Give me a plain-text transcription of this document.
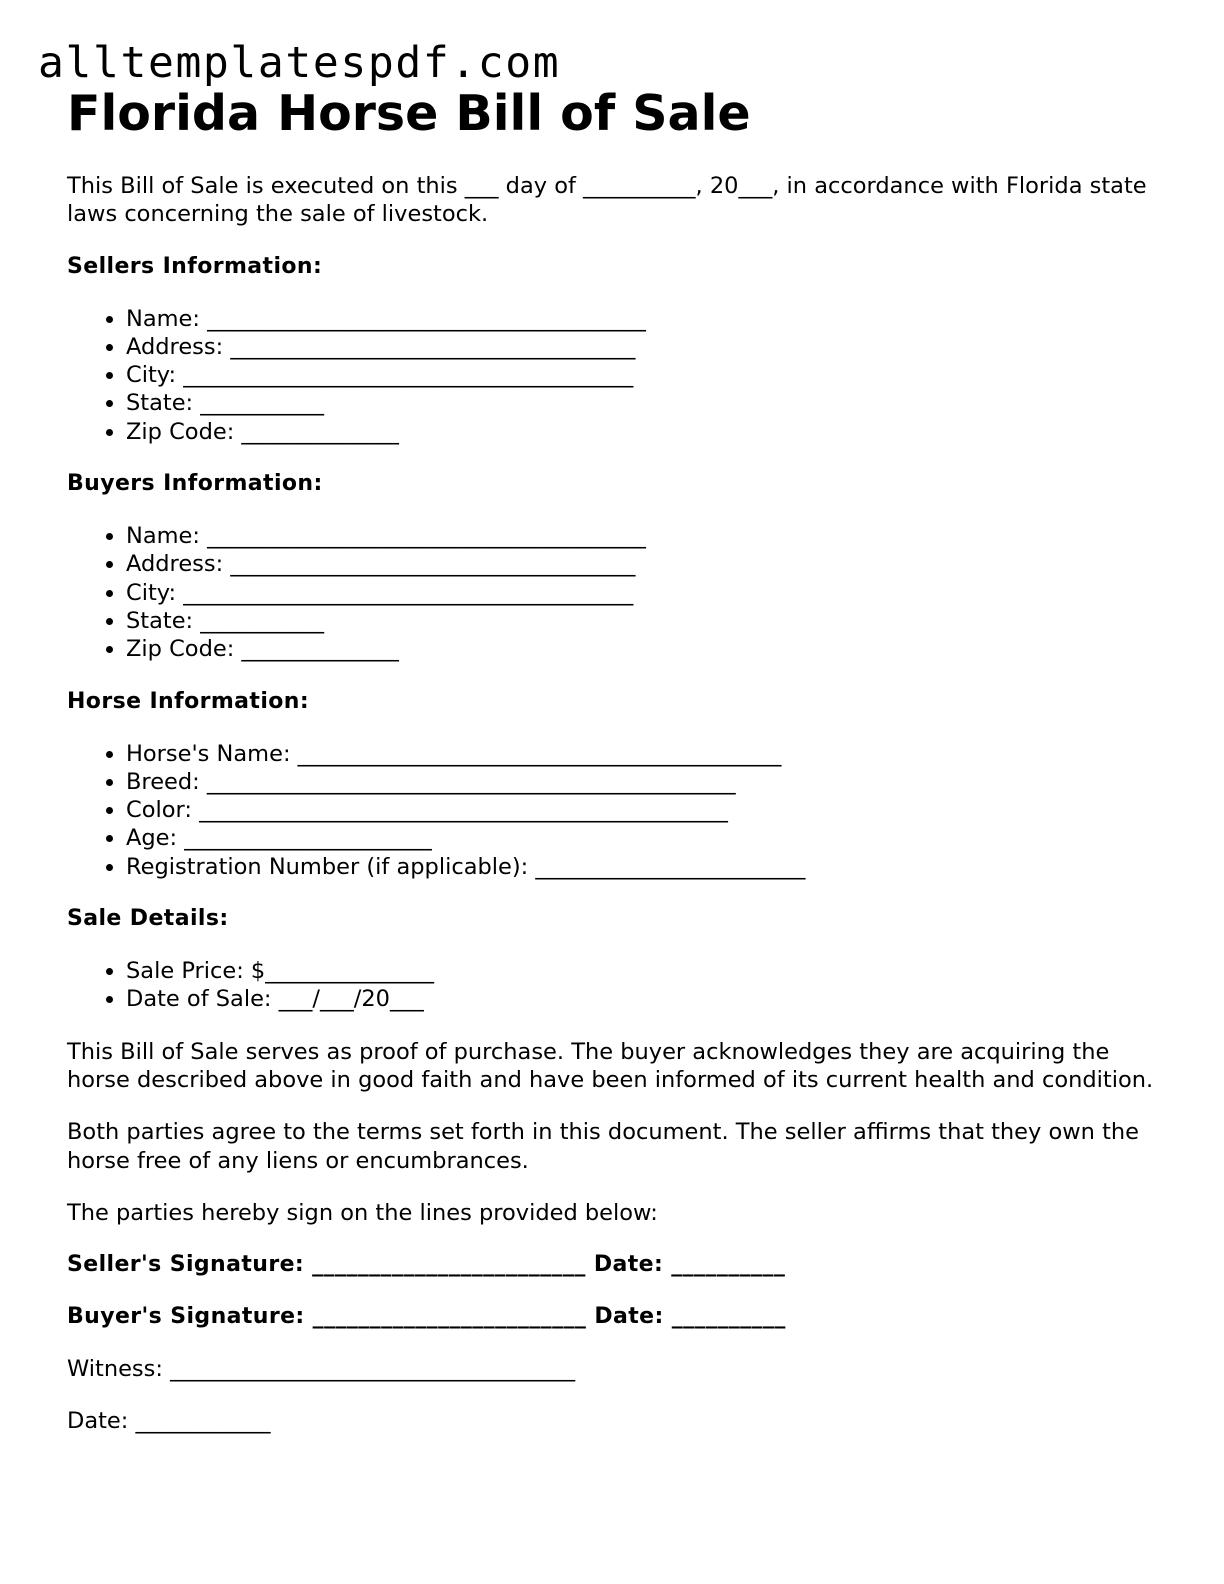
alltemplatespdf.com
Florida Horse Bill of Sale

This Bill of Sale is executed on this ___ day of __________, 20___, in accordance with Florida state laws concerning the sale of livestock.

Sellers Information:
• Name: _______________________________________
• Address: ____________________________________
• City: ________________________________________
• State: ___________
• Zip Code: ______________
Buyers Information:
• Name: _______________________________________
• Address: ____________________________________
• City: ________________________________________
• State: ___________
• Zip Code: ______________
Horse Information:
• Horse's Name: ___________________________________________
• Breed: _______________________________________________
• Color: _______________________________________________
• Age: ______________________
• Registration Number (if applicable): ________________________
Sale Details:
• Sale Price: $_______________
• Date of Sale: ___/___/20___

This Bill of Sale serves as proof of purchase. The buyer acknowledges they are acquiring the horse described above in good faith and have been informed of its current health and condition.

Both parties agree to the terms set forth in this document. The seller affirms that they own the horse free of any liens or encumbrances.

The parties hereby sign on the lines provided below:

Seller's Signature: ________________________ Date: __________
Buyer's Signature: ________________________ Date: __________
Witness: ____________________________________
Date: ____________
